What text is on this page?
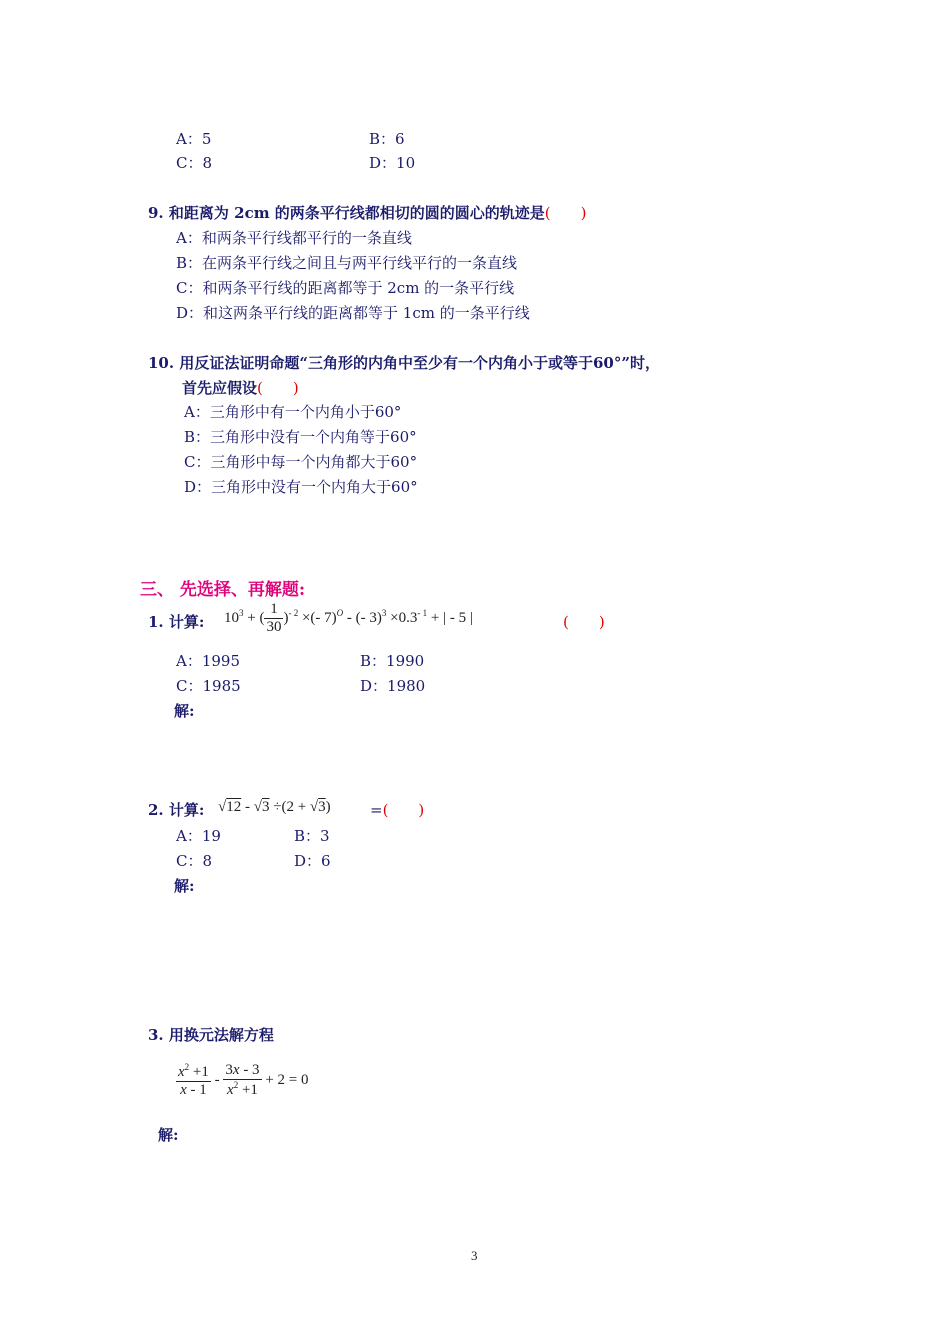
A：5	B：6
C：8	D：10
9. 和距离为 2cm 的两条平行线都相切的圆的圆心的轨迹是(　　)
A：和两条平行线都平行的一条直线
B：在两条平行线之间且与两平行线平行的一条直线
C：和两条平行线的距离都等于 2cm 的一条平行线
D：和这两条平行线的距离都等于 1cm 的一条平行线
10. 用反证法证明命题“三角形的内角中至少有一个内角小于或等于60°”时，
首先应假设(　　)
A：三角形中有一个内角小于60°
B：三角形中没有一个内角等于60°
C：三角形中每一个内角都大于60°
D：三角形中没有一个内角大于60°
三、 先选择、再解题:
1. 计算: $10^3$ + ( $\frac{1}{30} )^{- 2}$ ×(- 7)$^O$ - (- $3)^3 \times 0.3^{- 1}$ + | - 5 |	(　　)
A：1995	B：1990
C：1985	D：1980
解:
2. 计算: √12 - √3 ÷(2 + √3)	=(　　)
A：19	B：3
C：8	D：6
解:
3. 用换元法解方程
$\frac{x^2 +1}{x - 1} - \frac{3x - 3}{x^2 +1} + 2 = 0$
解:
3
